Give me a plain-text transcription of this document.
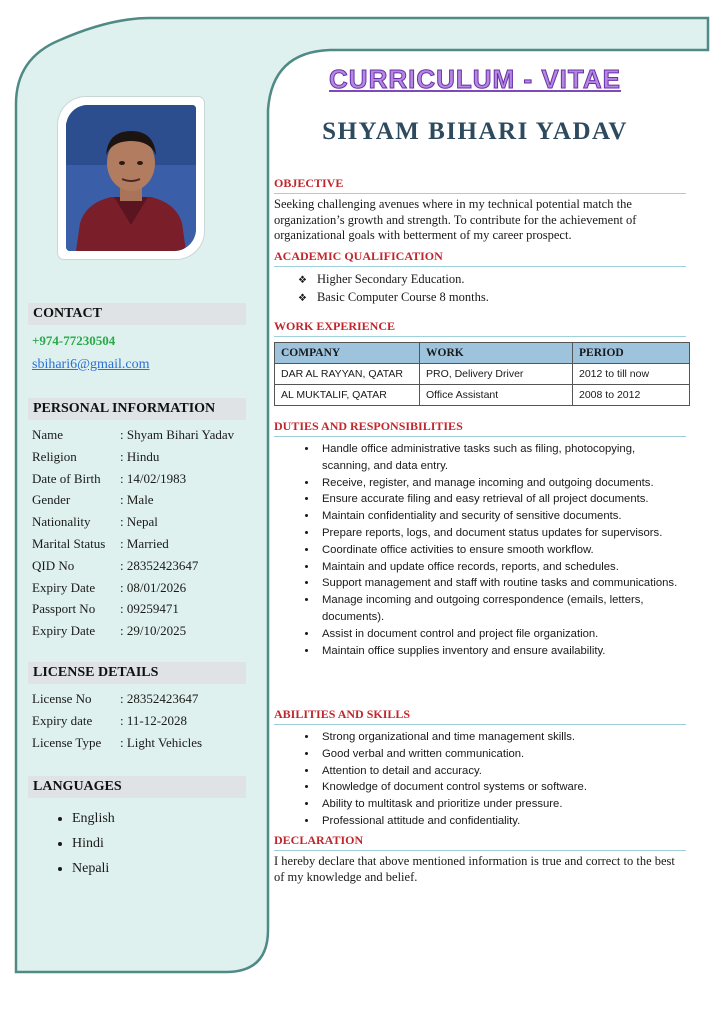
CURRICULUM - VITAE
SHYAM BIHARI YADAV
CONTACT
+974-77230504
sbihari6@gmail.com
PERSONAL INFORMATION
Name	: Shyam Bihari Yadav
Religion	: Hindu
Date of Birth : 14/02/1983
Gender	: Male
Nationality : Nepal
Marital Status : Married
QID No	: 28352423647
Expiry Date : 08/01/2026
Passport No : 09259471
Expiry Date : 29/10/2025
LICENSE DETAILS
License No : 28352423647
Expiry date : 11-12-2028
License Type : Light Vehicles
LANGUAGES
• English
• Hindi
• Nepali
OBJECTIVE
Seeking challenging avenues where in my technical potential match the organization’s growth and strength. To contribute for the achievement of organizational goals with betterment of my career prospect.
ACADEMIC QUALIFICATION
❖ Higher Secondary Education.
❖ Basic Computer Course 8 months.
WORK EXPERIENCE
COMPANY	WORK	PERIOD
DAR AL RAYYAN, QATAR	PRO, Delivery Driver	2012 to till now
AL MUKTALIF, QATAR	Office Assistant	2008 to 2012
DUTIES AND RESPONSIBILITIES
• Handle office administrative tasks such as filing, photocopying, scanning, and data entry.
• Receive, register, and manage incoming and outgoing documents.
• Ensure accurate filing and easy retrieval of all project documents.
• Maintain confidentiality and security of sensitive documents.
• Prepare reports, logs, and document status updates for supervisors.
• Coordinate office activities to ensure smooth workflow.
• Maintain and update office records, reports, and schedules.
• Support management and staff with routine tasks and communications.
• Manage incoming and outgoing correspondence (emails, letters, documents).
• Assist in document control and project file organization.
• Maintain office supplies inventory and ensure availability.
ABILITIES AND SKILLS
• Strong organizational and time management skills.
• Good verbal and written communication.
• Attention to detail and accuracy.
• Knowledge of document control systems or software.
• Ability to multitask and prioritize under pressure.
• Professional attitude and confidentiality.
DECLARATION
I hereby declare that above mentioned information is true and correct to the best of my knowledge and belief.
